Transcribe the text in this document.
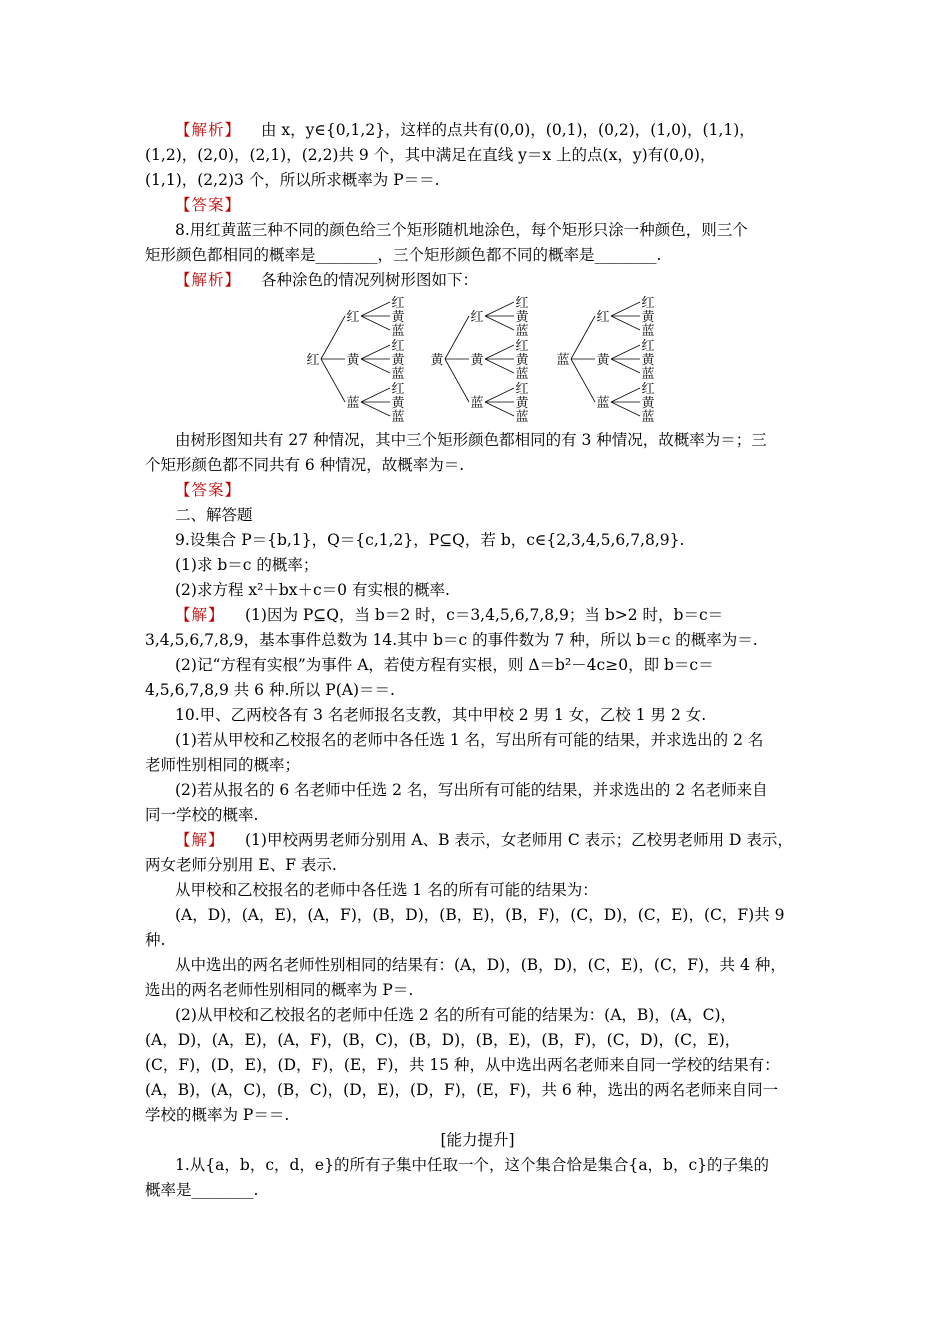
【解析】 由 x，y∈{0,1,2}，这样的点共有(0,0)，(0,1)，(0,2)，(1,0)，(1,1)，
(1,2)，(2,0)，(2,1)，(2,2)共 9 个，其中满足在直线 y＝x 上的点(x，y)有(0,0)，
(1,1)，(2,2)3 个，所以所求概率为 P＝＝.
【答案】
8.用红黄蓝三种不同的颜色给三个矩形随机地涂色，每个矩形只涂一种颜色，则三个
矩形颜色都相同的概率是________，三个矩形颜色都不同的概率是________.
【解析】 各种涂色的情况列树形图如下：
红
红
红
黄
蓝
黄
红
黄
蓝
蓝
红
黄
蓝
黄
红
红
黄
蓝
黄
红
黄
蓝
蓝
红
黄
蓝
蓝
红
红
黄
蓝
黄
红
黄
蓝
蓝
红
黄
蓝
由树形图知共有 27 种情况，其中三个矩形颜色都相同的有 3 种情况，故概率为＝；三
个矩形颜色都不同共有 6 种情况，故概率为＝.
【答案】
二、解答题
9.设集合 P＝{b,1}，Q＝{c,1,2}，P⊆Q，若 b，c∈{2,3,4,5,6,7,8,9}.
(1)求 b＝c 的概率；
(2)求方程 x²＋bx＋c＝0 有实根的概率.
【解】 (1)因为 P⊆Q，当 b＝2 时，c＝3,4,5,6,7,8,9；当 b>2 时，b＝c＝
3,4,5,6,7,8,9，基本事件总数为 14.其中 b＝c 的事件数为 7 种，所以 b＝c 的概率为＝.
(2)记“方程有实根”为事件 A，若使方程有实根，则 Δ＝b²－4c≥0，即 b＝c＝
4,5,6,7,8,9 共 6 种.所以 P(A)＝＝.
10.甲、乙两校各有 3 名老师报名支教，其中甲校 2 男 1 女，乙校 1 男 2 女.
(1)若从甲校和乙校报名的老师中各任选 1 名，写出所有可能的结果，并求选出的 2 名
老师性别相同的概率；
(2)若从报名的 6 名老师中任选 2 名，写出所有可能的结果，并求选出的 2 名老师来自
同一学校的概率.
【解】 (1)甲校两男老师分别用 A、B 表示，女老师用 C 表示；乙校男老师用 D 表示，
两女老师分别用 E、F 表示.
从甲校和乙校报名的老师中各任选 1 名的所有可能的结果为：
(A，D)，(A，E)，(A，F)，(B，D)，(B，E)，(B，F)，(C，D)，(C，E)，(C，F)共 9
种.
从中选出的两名老师性别相同的结果有：(A，D)，(B，D)，(C，E)，(C，F)，共 4 种，
选出的两名老师性别相同的概率为 P＝.
(2)从甲校和乙校报名的老师中任选 2 名的所有可能的结果为：(A，B)，(A，C)，
(A，D)，(A，E)，(A，F)，(B，C)，(B，D)，(B，E)，(B，F)，(C，D)，(C，E)，
(C，F)，(D，E)，(D，F)，(E，F)，共 15 种，从中选出两名老师来自同一学校的结果有：
(A，B)，(A，C)，(B，C)，(D，E)，(D，F)，(E，F)，共 6 种，选出的两名老师来自同一
学校的概率为 P＝＝.
[能力提升]
1.从{a，b，c，d，e}的所有子集中任取一个，这个集合恰是集合{a，b，c}的子集的
概率是________.
